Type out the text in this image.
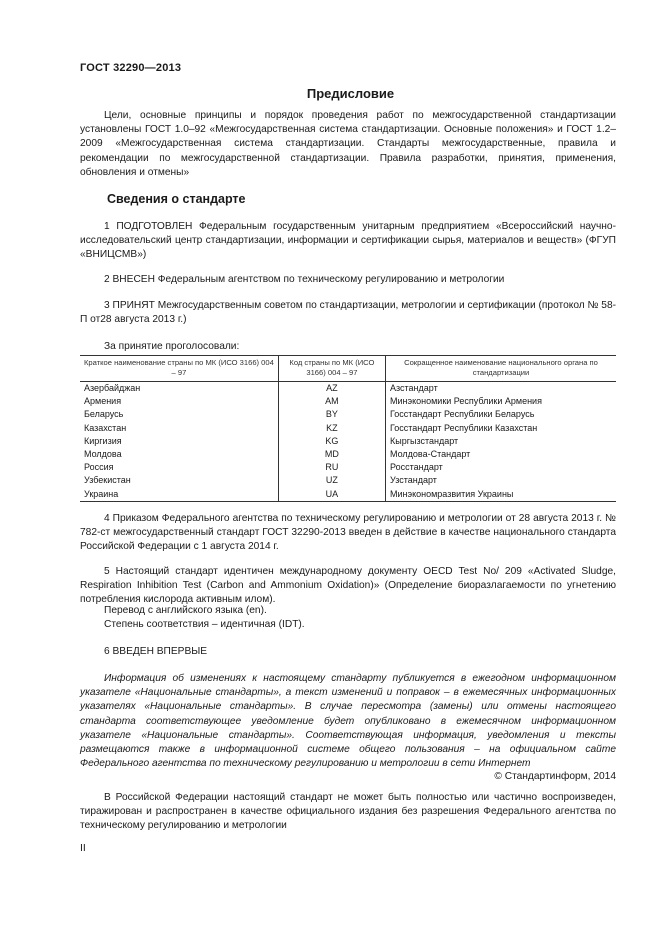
ГОСТ 32290—2013
Предисловие
Цели, основные принципы и порядок проведения работ по межгосударственной стандартизации установлены ГОСТ 1.0–92 «Межгосударственная система стандартизации. Основные положения» и ГОСТ 1.2–2009 «Межгосударственная система стандартизации. Стандарты межгосударственные, правила и рекомендации по межгосударственной стандартизации. Правила разработки, принятия, применения, обновления и отмены»
Сведения о стандарте
1 ПОДГОТОВЛЕН Федеральным государственным унитарным предприятием «Всероссийский научно-исследовательский центр стандартизации, информации и сертификации сырья, материалов и веществ» (ФГУП «ВНИЦСМВ»)
2 ВНЕСЕН Федеральным агентством по техническому регулированию и метрологии
3 ПРИНЯТ Межгосударственным советом по стандартизации, метрологии и сертификации (протокол № 58-П от28 августа 2013 г.)
За принятие проголосовали:
Краткое наименование страны по МК (ИСО 3166) 004 – 97	Код страны по МК (ИСО 3166) 004 – 97	Сокращенное наименование национального органа по стандартизации
Азербайджан	AZ	Азстандарт
Армения	AM	Минэкономики Республики Армения
Беларусь	BY	Госстандарт Республики Беларусь
Казахстан	KZ	Госстандарт Республики Казахстан
Киргизия	KG	Кыргызстандарт
Молдова	MD	Молдова-Стандарт
Россия	RU	Росстандарт
Узбекистан	UZ	Узстандарт
Украина	UA	Минэкономразвития Украины
4 Приказом Федерального агентства по техническому регулированию и метрологии от 28 августа 2013 г. № 782-ст межгосударственный стандарт ГОСТ 32290-2013 введен в действие в качестве национального стандарта Российской Федерации с 1 августа 2014 г.
5 Настоящий стандарт идентичен международному документу OECD Test No/ 209 «Activated Sludge, Respiration Inhibition Test (Carbon and Ammonium Oxidation)» (Определение биоразлагаемости по угнетению потребления кислорода активным илом).
Перевод с английского языка (en).
Степень соответствия – идентичная (IDT).
6 ВВЕДЕН ВПЕРВЫЕ
Информация об изменениях к настоящему стандарту публикуется в ежегодном информационном указателе «Национальные стандарты», а текст изменений и поправок – в ежемесячных информационных указателях «Национальные стандарты». В случае пересмотра (замены) или отмены настоящего стандарта соответствующее уведомление будет опубликовано в ежемесячном информационном указателе «Национальные стандарты». Соответствующая информация, уведомления и тексты размещаются также в информационной системе общего пользования – на официальном сайте Федерального агентства по техническому регулированию и метрологии в сети Интернет
© Стандартинформ, 2014
В Российской Федерации настоящий стандарт не может быть полностью или частично воспроизведен, тиражирован и распространен в качестве официального издания без разрешения Федерального агентства по техническому регулированию и метрологии
II
